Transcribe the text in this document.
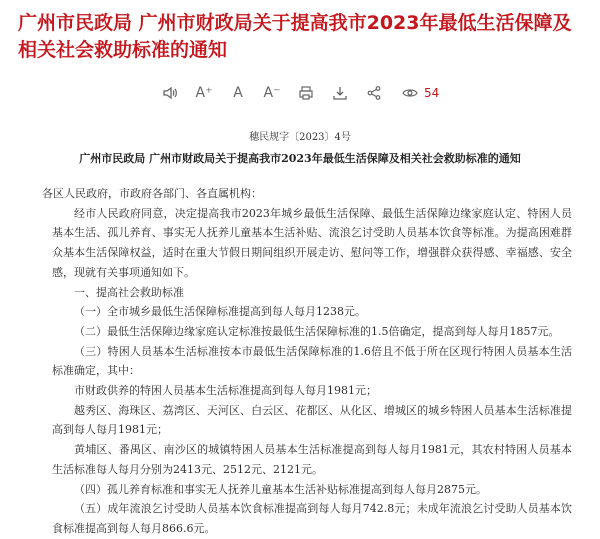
广州市民政局 广州市财政局关于提高我市2023年最低生活保障及相关社会救助标准的通知
A⁺ A A⁻	54
穗民规字〔2023〕4号
广州市民政局 广州市财政局关于提高我市2023年最低生活保障及相关社会救助标准的通知

各区人民政府，市政府各部门、各直属机构：

经市人民政府同意，决定提高我市2023年城乡最低生活保障、最低生活保障边缘家庭认定、特困人员基本生活、孤儿养育、事实无人抚养儿童基本生活补贴、流浪乞讨受助人员基本饮食等标准。为提高困难群众基本生活保障权益，适时在重大节假日期间组织开展走访、慰问等工作，增强群众获得感、幸福感、安全感，现就有关事项通知如下。

一、提高社会救助标准

（一）全市城乡最低生活保障标准提高到每人每月1238元。

（二）最低生活保障边缘家庭认定标准按最低生活保障标准的1.5倍确定，提高到每人每月1857元。

（三）特困人员基本生活标准按本市最低生活保障标准的1.6倍且不低于所在区现行特困人员基本生活标准确定，其中：

市财政供养的特困人员基本生活标准提高到每人每月1981元；

越秀区、海珠区、荔湾区、天河区、白云区、花都区、从化区、增城区的城乡特困人员基本生活标准提高到每人每月1981元；

黄埔区、番禺区、南沙区的城镇特困人员基本生活标准提高到每人每月1981元，其农村特困人员基本生活标准每人每月分别为2413元、2512元、2121元。

（四）孤儿养育标准和事实无人抚养儿童基本生活补贴标准提高到每人每月2875元。

（五）成年流浪乞讨受助人员基本饮食标准提高到每人每月742.8元；未成年流浪乞讨受助人员基本饮食标准提高到每人每月866.6元。
